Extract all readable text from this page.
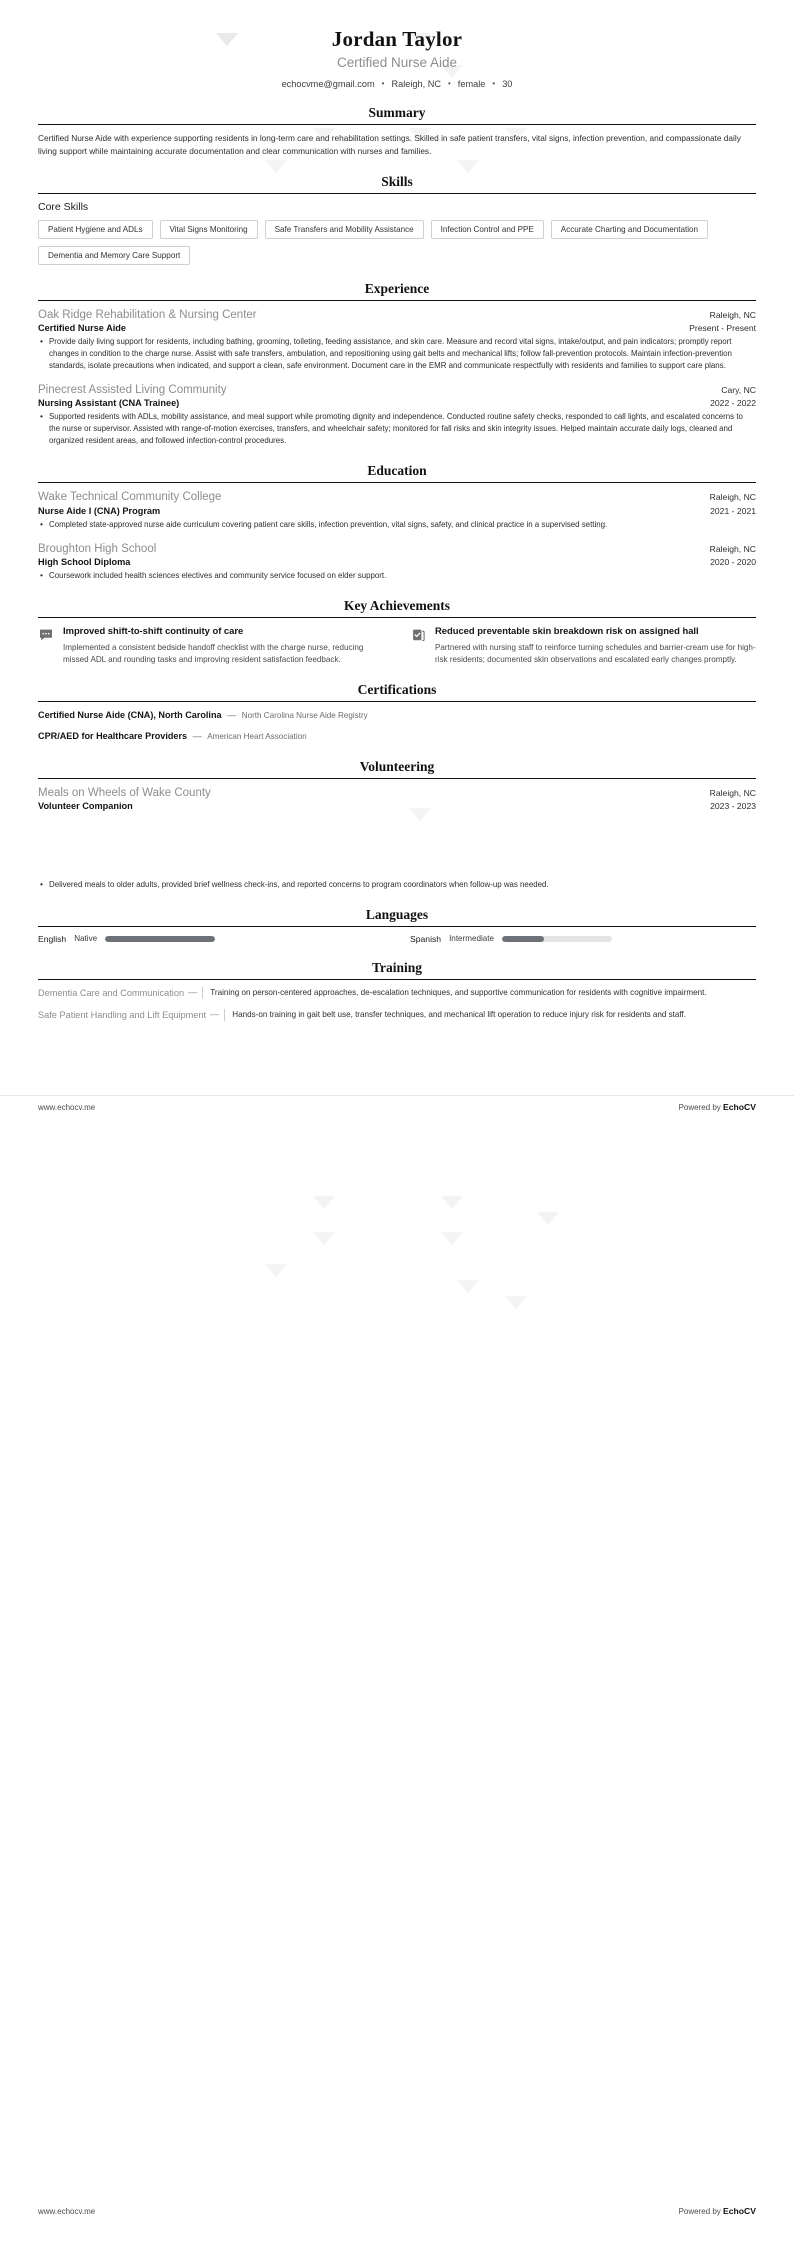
Jordan Taylor
Certified Nurse Aide
echocvme@gmail.com • Raleigh, NC • female • 30
Summary
Certified Nurse Aide with experience supporting residents in long-term care and rehabilitation settings. Skilled in safe patient transfers, vital signs, infection prevention, and compassionate daily living support while maintaining accurate documentation and clear communication with nurses and families.
Skills
Core Skills
Patient Hygiene and ADLs	Vital Signs Monitoring	Safe Transfers and Mobility Assistance	Infection Control and PPE	Accurate Charting and Documentation
Dementia and Memory Care Support
Experience
Oak Ridge Rehabilitation & Nursing Center	Raleigh, NC
Certified Nurse Aide	Present - Present
• Provide daily living support for residents, including bathing, grooming, toileting, feeding assistance, and skin care. Measure and record vital signs, intake/output, and pain indicators; promptly report changes in condition to the charge nurse. Assist with safe transfers, ambulation, and repositioning using gait belts and mechanical lifts; follow fall-prevention protocols. Maintain infection-prevention standards, isolate precautions when indicated, and support a clean, safe environment. Document care in the EMR and communicate respectfully with residents and families to support care plans.
Pinecrest Assisted Living Community	Cary, NC
Nursing Assistant (CNA Trainee)	2022 - 2022
• Supported residents with ADLs, mobility assistance, and meal support while promoting dignity and independence. Conducted routine safety checks, responded to call lights, and escalated concerns to the nurse or supervisor. Assisted with range-of-motion exercises, transfers, and wheelchair safety; monitored for fall risks and skin integrity issues. Helped maintain accurate daily logs, cleaned and organized resident areas, and followed infection-control procedures.
Education
Wake Technical Community College	Raleigh, NC
Nurse Aide I (CNA) Program	2021 - 2021
• Completed state-approved nurse aide curriculum covering patient care skills, infection prevention, vital signs, safety, and clinical practice in a supervised setting.
Broughton High School	Raleigh, NC
High School Diploma	2020 - 2020
• Coursework included health sciences electives and community service focused on elder support.
Key Achievements
Improved shift-to-shift continuity of care
Implemented a consistent bedside handoff checklist with the charge nurse, reducing missed ADL and rounding tasks and improving resident satisfaction feedback.
Reduced preventable skin breakdown risk on assigned hall
Partnered with nursing staff to reinforce turning schedules and barrier-cream use for high-risk residents; documented skin observations and escalated early changes promptly.
Certifications
Certified Nurse Aide (CNA), North Carolina — North Carolina Nurse Aide Registry
CPR/AED for Healthcare Providers — American Heart Association
Volunteering
Meals on Wheels of Wake County	Raleigh, NC
Volunteer Companion	2023 - 2023
www.echocv.me	Powered by EchoCV
• Delivered meals to older adults, provided brief wellness check-ins, and reported concerns to program coordinators when follow-up was needed.
Languages
English Native	Spanish Intermediate
Training
Dementia Care and Communication —	Training on person-centered approaches, de-escalation techniques, and supportive communication for residents with cognitive impairment.
Safe Patient Handling and Lift Equipment —	Hands-on training in gait belt use, transfer techniques, and mechanical lift operation to reduce injury risk for residents and staff.
www.echocv.me	Powered by EchoCV
